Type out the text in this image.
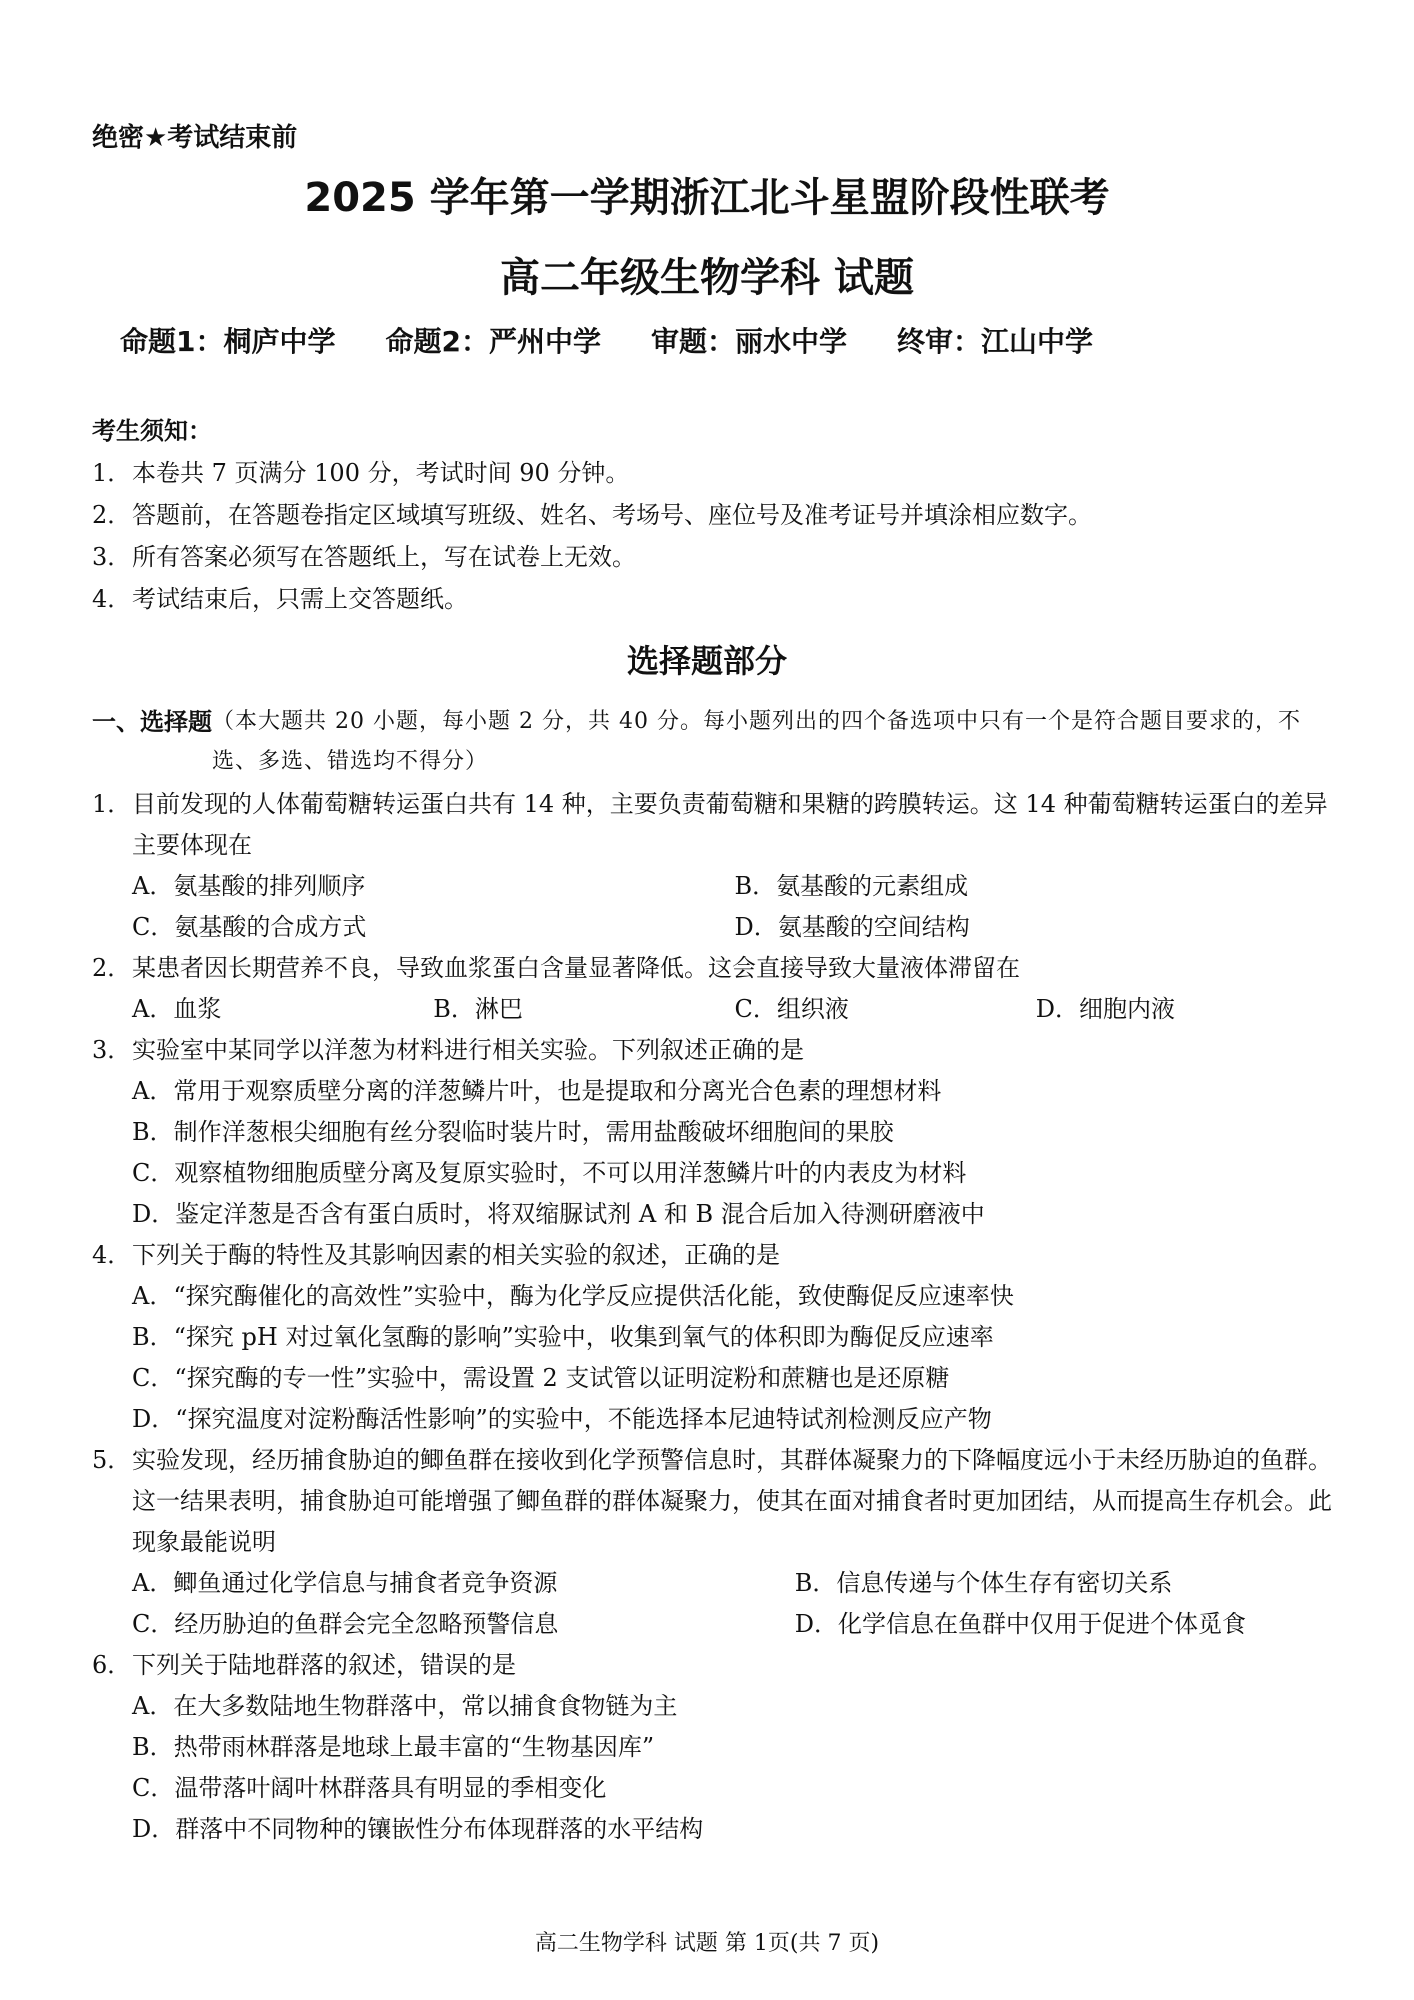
绝密★考试结束前
2025 学年第一学期浙江北斗星盟阶段性联考
高二年级生物学科 试题
命题1：桐庐中学 命题2：严州中学 审题：丽水中学 终审：江山中学
考生须知：
1． 本卷共 7 页满分 100 分，考试时间 90 分钟。
2． 答题前，在答题卷指定区域填写班级、姓名、考场号、座位号及准考证号并填涂相应数字。
3． 所有答案必须写在答题纸上，写在试卷上无效。
4． 考试结束后，只需上交答题纸。
选择题部分
一、选择题 （本大题共 20 小题，每小题 2 分，共 40 分。每小题列出的四个备选项中只有一个是符合题目要求的，不选、多选、错选均不得分）
1． 目前发现的人体葡萄糖转运蛋白共有 14 种，主要负责葡萄糖和果糖的跨膜转运。这 14 种葡萄糖转运蛋白的差异主要体现在
A．氨基酸的排列顺序	B．氨基酸的元素组成
C．氨基酸的合成方式	D．氨基酸的空间结构
2． 某患者因长期营养不良，导致血浆蛋白含量显著降低。这会直接导致大量液体滞留在
A．血浆	B．淋巴	C．组织液	D．细胞内液
3． 实验室中某同学以洋葱为材料进行相关实验。下列叙述正确的是
A．常用于观察质壁分离的洋葱鳞片叶，也是提取和分离光合色素的理想材料
B．制作洋葱根尖细胞有丝分裂临时装片时，需用盐酸破坏细胞间的果胶
C．观察植物细胞质壁分离及复原实验时，不可以用洋葱鳞片叶的内表皮为材料
D．鉴定洋葱是否含有蛋白质时，将双缩脲试剂 A 和 B 混合后加入待测研磨液中
4． 下列关于酶的特性及其影响因素的相关实验的叙述，正确的是
A．“探究酶催化的高效性”实验中，酶为化学反应提供活化能，致使酶促反应速率快
B．“探究 pH 对过氧化氢酶的影响”实验中，收集到氧气的体积即为酶促反应速率
C．“探究酶的专一性”实验中，需设置 2 支试管以证明淀粉和蔗糖也是还原糖
D．“探究温度对淀粉酶活性影响”的实验中，不能选择本尼迪特试剂检测反应产物
5． 实验发现，经历捕食胁迫的鲫鱼群在接收到化学预警信息时，其群体凝聚力的下降幅度远小于未经历胁迫的鱼群。这一结果表明，捕食胁迫可能增强了鲫鱼群的群体凝聚力，使其在面对捕食者时更加团结，从而提高生存机会。此现象最能说明
A．鲫鱼通过化学信息与捕食者竞争资源	B．信息传递与个体生存有密切关系
C．经历胁迫的鱼群会完全忽略预警信息	D．化学信息在鱼群中仅用于促进个体觅食
6． 下列关于陆地群落的叙述，错误的是
A．在大多数陆地生物群落中，常以捕食食物链为主
B．热带雨林群落是地球上最丰富的“生物基因库”
C．温带落叶阔叶林群落具有明显的季相变化
D．群落中不同物种的镶嵌性分布体现群落的水平结构
高二生物学科 试题 第 1页(共 7 页)
